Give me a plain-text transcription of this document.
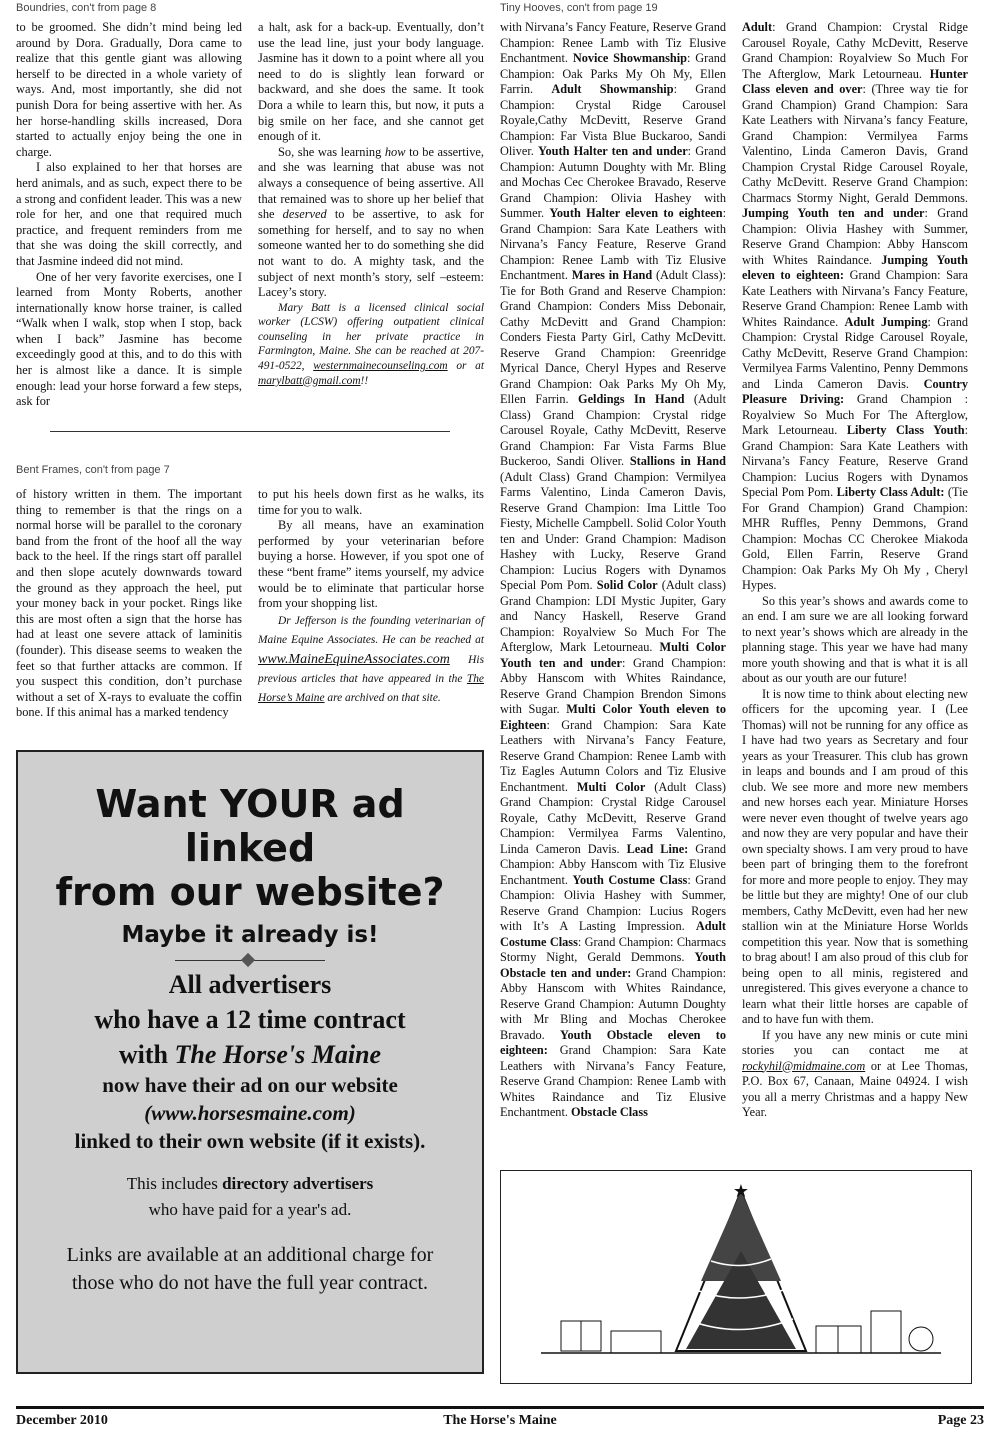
Boundries, con't from page 8	Tiny Hooves, con't from page 19
Bent Frames, con't from page 7

to be groomed. She didn’t mind being led around by Dora. Gradually, Dora came to realize that this gentle giant was allowing herself to be directed in a whole variety of ways. And, most importantly, she did not punish Dora for being assertive with her. As her horse-handling skills increased, Dora started to actually enjoy being the one in charge.

I also explained to her that horses are herd animals, and as such, expect there to be a strong and confident leader. This was a new role for her, and one that required much practice, and frequent reminders from me that she was doing the skill correctly, and that Jasmine indeed did not mind.

One of her very favorite exercises, one I learned from Monty Roberts, another internationally know horse trainer, is called “Walk when I walk, stop when I stop, back when I back” Jasmine has become exceedingly good at this, and to do this with her is almost like a dance. It is simple enough: lead your horse forward a few steps, ask for

a halt, ask for a back-up. Eventually, don’t use the lead line, just your body language. Jasmine has it down to a point where all you need to do is slightly lean forward or backward, and she does the same. It took Dora a while to learn this, but now, it puts a big smile on her face, and she cannot get enough of it.

So, she was learning how to be assertive, and she was learning that abuse was not always a consequence of being assertive. All that remained was to shore up her belief that she deserved to be assertive, to ask for something for herself, and to say no when someone wanted her to do something she did not want to do. A mighty task, and the subject of next month’s story, self –esteem: Lacey’s story.

Mary Batt is a licensed clinical social worker (LCSW) offering outpatient clinical counseling in her private practice in Farmington, Maine. She can be reached at 207-491-0522, westernmainecounseling.com or at marylbatt@gmail.com!!

of history written in them. The important thing to remember is that the rings on a normal horse will be parallel to the coronary band from the front of the hoof all the way back to the heel. If the rings start off parallel and then slope acutely downwards toward the ground as they approach the heel, put your money back in your pocket. Rings like this are most often a sign that the horse has had at least one severe attack of laminitis (founder). This disease seems to weaken the feet so that further attacks are common. If you suspect this condition, don’t purchase without a set of X-rays to evaluate the coffin bone. If this animal has a marked tendency

to put his heels down first as he walks, its time for you to walk.

By all means, have an examination performed by your veterinarian before buying a horse. However, if you spot one of these “bent frame” items yourself, my advice would be to eliminate that particular horse from your shopping list.

Dr Jefferson is the founding veterinarian of Maine Equine Associates. He can be reached at www.MaineEquineAssociates.com His previous articles that have appeared in the The Horse’s Maine are archived on that site.

Want YOUR ad
linked
from our website?
Maybe it already is!
All advertisers
who have a 12 time contract
with The Horse's Maine
now have their ad on our website
(www.horsesmaine.com)
linked to their own website (if it exists).
This includes directory advertisers
who have paid for a year's ad.
Links are available at an additional charge for
those who do not have the full year contract.

with Nirvana’s Fancy Feature, Reserve Grand Champion: Renee Lamb with Tiz Elusive Enchantment. Novice Showmanship: Grand Champion: Oak Parks My Oh My, Ellen Farrin. Adult Showmanship: Grand Champion: Crystal Ridge Carousel Royale,Cathy McDevitt, Reserve Grand Champion: Far Vista Blue Buckaroo, Sandi Oliver. Youth Halter ten and under: Grand Champion: Autumn Doughty with Mr. Bling and Mochas Cec Cherokee Bravado, Reserve Grand Champion: Olivia Hashey with Summer. Youth Halter eleven to eighteen: Grand Champion: Sara Kate Leathers with Nirvana’s Fancy Feature, Reserve Grand Champion: Renee Lamb with Tiz Elusive Enchantment. Mares in Hand (Adult Class): Tie for Both Grand and Reserve Champion: Grand Champion: Conders Miss Debonair, Cathy McDevitt and Grand Champion: Conders Fiesta Party Girl, Cathy McDevitt. Reserve Grand Champion: Greenridge Myrical Dance, Cheryl Hypes and Reserve Grand Champion: Oak Parks My Oh My, Ellen Farrin. Geldings In Hand (Adult Class) Grand Champion: Crystal ridge Carousel Royale, Cathy McDevitt, Reserve Grand Champion: Far Vista Farms Blue Buckeroo, Sandi Oliver. Stallions in Hand (Adult Class) Grand Champion: Vermilyea Farms Valentino, Linda Cameron Davis, Reserve Grand Champion: Ima Little Too Fiesty, Michelle Campbell. Solid Color Youth ten and Under: Grand Champion: Madison Hashey with Lucky, Reserve Grand Champion: Lucius Rogers with Dynamos Special Pom Pom. Solid Color (Adult class) Grand Champion: LDI Mystic Jupiter, Gary and Nancy Haskell, Reserve Grand Champion: Royalview So Much For The Afterglow, Mark Letourneau. Multi Color Youth ten and under: Grand Champion: Abby Hanscom with Whites Raindance, Reserve Grand Champion Brendon Simons with Sugar. Multi Color Youth eleven to Eighteen: Grand Champion: Sara Kate Leathers with Nirvana’s Fancy Feature, Reserve Grand Champion: Renee Lamb with Tiz Eagles Autumn Colors and Tiz Elusive Enchantment. Multi Color (Adult Class) Grand Champion: Crystal Ridge Carousel Royale, Cathy McDevitt, Reserve Grand Champion: Vermilyea Farms Valentino, Linda Cameron Davis. Lead Line: Grand Champion: Abby Hanscom with Tiz Elusive Enchantment. Youth Costume Class: Grand Champion: Olivia Hashey with Summer, Reserve Grand Champion: Lucius Rogers with It’s A Lasting Impression. Adult Costume Class: Grand Champion: Charmacs Stormy Night, Gerald Demmons. Youth Obstacle ten and under: Grand Champion: Abby Hanscom with Whites Raindance, Reserve Grand Champion: Autumn Doughty with Mr Bling and Mochas Cherokee Bravado. Youth Obstacle eleven to eighteen: Grand Champion: Sara Kate Leathers with Nirvana’s Fancy Feature, Reserve Grand Champion: Renee Lamb with Whites Raindance and Tiz Elusive Enchantment. Obstacle Class

Adult: Grand Champion: Crystal Ridge Carousel Royale, Cathy McDevitt, Reserve Grand Champion: Royalview So Much For The Afterglow, Mark Letourneau. Hunter Class eleven and over: (Three way tie for Grand Champion) Grand Champion: Sara Kate Leathers with Nirvana’s fancy Feature, Grand Champion: Vermilyea Farms Valentino, Linda Cameron Davis, Grand Champion Crystal Ridge Carousel Royale, Cathy McDevitt. Reserve Grand Champion: Charmacs Stormy Night, Gerald Demmons. Jumping Youth ten and under: Grand Champion: Olivia Hashey with Summer, Reserve Grand Champion: Abby Hanscom with Whites Raindance. Jumping Youth eleven to eighteen: Grand Champion: Sara Kate Leathers with Nirvana’s Fancy Feature, Reserve Grand Champion: Renee Lamb with Whites Raindance. Adult Jumping: Grand Champion: Crystal Ridge Carousel Royale, Cathy McDevitt, Reserve Grand Champion: Vermilyea Farms Valentino, Penny Demmons and Linda Cameron Davis. Country Pleasure Driving: Grand Champion : Royalview So Much For The Afterglow, Mark Letourneau. Liberty Class Youth: Grand Champion: Sara Kate Leathers with Nirvana’s Fancy Feature, Reserve Grand Champion: Lucius Rogers with Dynamos Special Pom Pom. Liberty Class Adult: (Tie For Grand Champion) Grand Champion: MHR Ruffles, Penny Demmons, Grand Champion: Mochas CC Cherokee Miakoda Gold, Ellen Farrin, Reserve Grand Champion: Oak Parks My Oh My , Cheryl Hypes.

So this year’s shows and awards come to an end. I am sure we are all looking forward to next year’s shows which are already in the planning stage. This year we have had many more youth showing and that is what it is all about as our youth are our future!

It is now time to think about electing new officers for the upcoming year. I (Lee Thomas) will not be running for any office as I have had two years as Secretary and four years as your Treasurer. This club has grown in leaps and bounds and I am proud of this club. We see more and more new members and new horses each year. Miniature Horses were never even thought of twelve years ago and now they are very popular and have their own specialty shows. I am very proud to have been part of bringing them to the forefront for more and more people to enjoy. They may be little but they are mighty! One of our club members, Cathy McDevitt, even had her new stallion win at the Miniature Horse Worlds competition this year. Now that is something to brag about! I am also proud of this club for being open to all minis, registered and unregistered. This gives everyone a chance to learn what their little horses are capable of and to have fun with them.

If you have any new minis or cute mini stories you can contact me at rockyhil@midmaine.com or at Lee Thomas, P.O. Box 67, Canaan, Maine 04924. I wish you all a merry Christmas and a happy New Year.

★
December 2010	The Horse's Maine	Page 23
